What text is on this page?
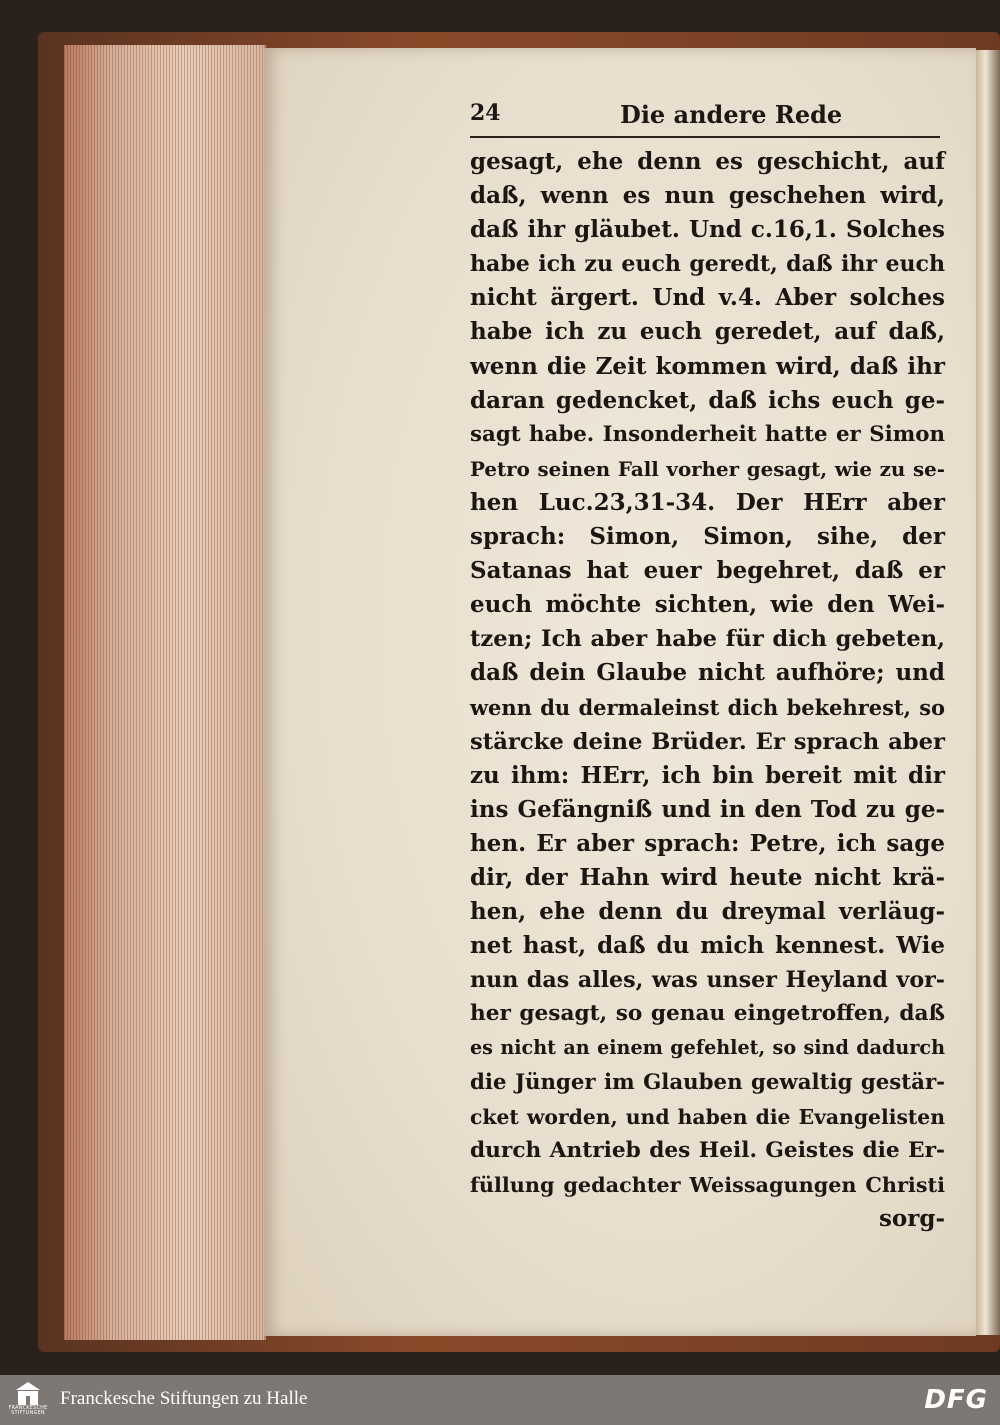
24	Die andere Rede
gesagt, ehe denn es geschicht, auf
daß, wenn es nun geschehen wird,
daß ihr gläubet. Und c.16,1. Solches
habe ich zu euch geredt, daß ihr euch
nicht ärgert. Und v.4. Aber solches
habe ich zu euch geredet, auf daß,
wenn die Zeit kommen wird, daß ihr
daran gedencket, daß ichs euch ge-
sagt habe. Insonderheit hatte er Simon
Petro seinen Fall vorher gesagt, wie zu se-
hen Luc.23,31-34. Der HErr aber
sprach: Simon, Simon, sihe, der
Satanas hat euer begehret, daß er
euch möchte sichten, wie den Wei-
tzen; Ich aber habe für dich gebeten,
daß dein Glaube nicht aufhöre; und
wenn du dermaleinst dich bekehrest, so
stärcke deine Brüder. Er sprach aber
zu ihm: HErr, ich bin bereit mit dir
ins Gefängniß und in den Tod zu ge-
hen. Er aber sprach: Petre, ich sage
dir, der Hahn wird heute nicht krä-
hen, ehe denn du dreymal verläug-
net hast, daß du mich kennest. Wie
nun das alles, was unser Heyland vor-
her gesagt, so genau eingetroffen, daß
es nicht an einem gefehlet, so sind dadurch
die Jünger im Glauben gewaltig gestär-
cket worden, und haben die Evangelisten
durch Antrieb des Heil. Geistes die Er-
füllung gedachter Weissagungen Christi
sorg-
FRANCKESCHE STIFTUNGEN
Franckesche Stiftungen zu Halle	DFG
